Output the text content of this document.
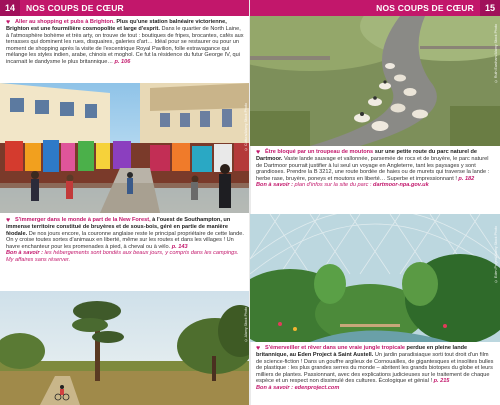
14	NOS COUPS DE CŒUR
♥ Aller au shopping et pubs à Brighton. Plus qu'une station balnéaire victorienne, Brighton est une fourmilière cosmopolite et large d'esprit. Dans le quartier de North Laine, à l'atmosphère bohème et très arty, on trouve de tout : boutiques de fripes, brocantes, cafés aux terrasses qui dominent les rues, disquaires, galeries d'art… Idéal pour se restaurer ou pour un moment de shopping après la visite de l'excentrique Royal Pavilion, folle extravagance qui mélange les styles indien, arabe, chinois et moghol. Ce fut la résidence du futur George IV, qui incarnait le dandysme le plus britannique… p. 106
© Cultura/Alamy Stock Photo
♥ S'immerger dans le monde à part de la New Forest, à l'ouest de Southampton, un immense territoire constitué de bruyères et de sous-bois, géré en partie de manière féodale. De nos jours encore, la couronne anglaise reste le principal propriétaire de cette lande. On y croise toutes sortes d'animaux en liberté, même sur les routes et dans les villages ! Un havre enchanteur pour les promenades à pied, à cheval ou à vélo. p. 143
Bon à savoir : les hébergements sont bondés aux beaux jours, y compris dans les campings. My affaires sans réserver.
© Alamy Stock Photo
NOS COUPS DE CŒUR	15
© Ruth Eastham/Alamy Stock Photo
♥ Être bloqué par un troupeau de moutons sur une petite route du parc naturel de Dartmoor. Vaste lande sauvage et vallonnée, parsemée de rocs et de bruyère, le parc naturel de Dartmoor pourrait justifier à lui seul un voyage en Angleterre, tant les paysages y sont grandioses. Prendre la B 3212, une route bordée de haies ou de murets qui traverse la lande : herbe rase, bruyère, poneys et moutons en liberté… Superbe et impressionnant ! p. 182
Bon à savoir : plan d'infos sur la site du parc : dartmoor-npa.gov.uk
© Eden Project/Alamy Stock Photo
♥ S'émerveiller et rêver dans une vraie jungle tropicale perdue en pleine lande britannique, au Eden Project à Saint Austell. Un jardin paradisiaque sorti tout droit d'un film de science-fiction ! Dans un gouffre argileux de Cornouailles, de gigantesques et insolites bulles de plastique : les plus grandes serres du monde – abritent les grands biotopes du globe et leurs milliers de plantes. Passionnant, avec des explications judicieuses sur le traitement de chaque espèce et un respect non dissimulé des cultures. Écologique et génial ! p. 215
Bon à savoir : edenproject.com
